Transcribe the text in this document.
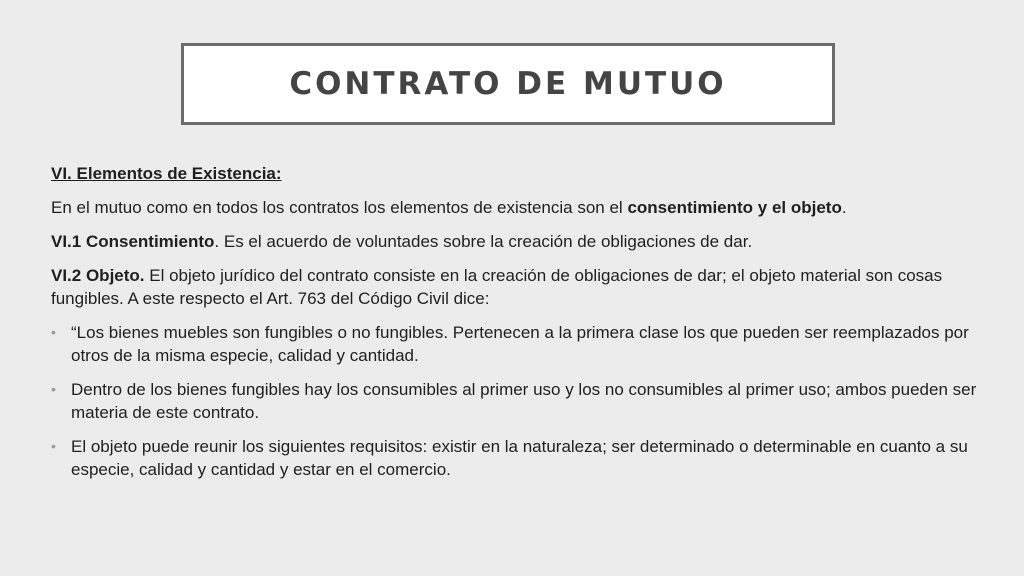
CONTRATO DE MUTUO

VI. Elementos de Existencia:

En el mutuo como en todos los contratos los elementos de existencia son el consentimiento y el objeto.

VI.1 Consentimiento. Es el acuerdo de voluntades sobre la creación de obligaciones de dar.

VI.2 Objeto. El objeto jurídico del contrato consiste en la creación de obligaciones de dar; el objeto material son cosas fungibles. A este respecto el Art. 763 del Código Civil dice:

• “Los bienes muebles son fungibles o no fungibles. Pertenecen a la primera clase los que pueden ser reemplazados por otros de la misma especie, calidad y cantidad.
• Dentro de los bienes fungibles hay los consumibles al primer uso y los no consumibles al primer uso; ambos pueden ser materia de este contrato.
• El objeto puede reunir los siguientes requisitos: existir en la naturaleza; ser determinado o determinable en cuanto a su especie, calidad y cantidad y estar en el comercio.
